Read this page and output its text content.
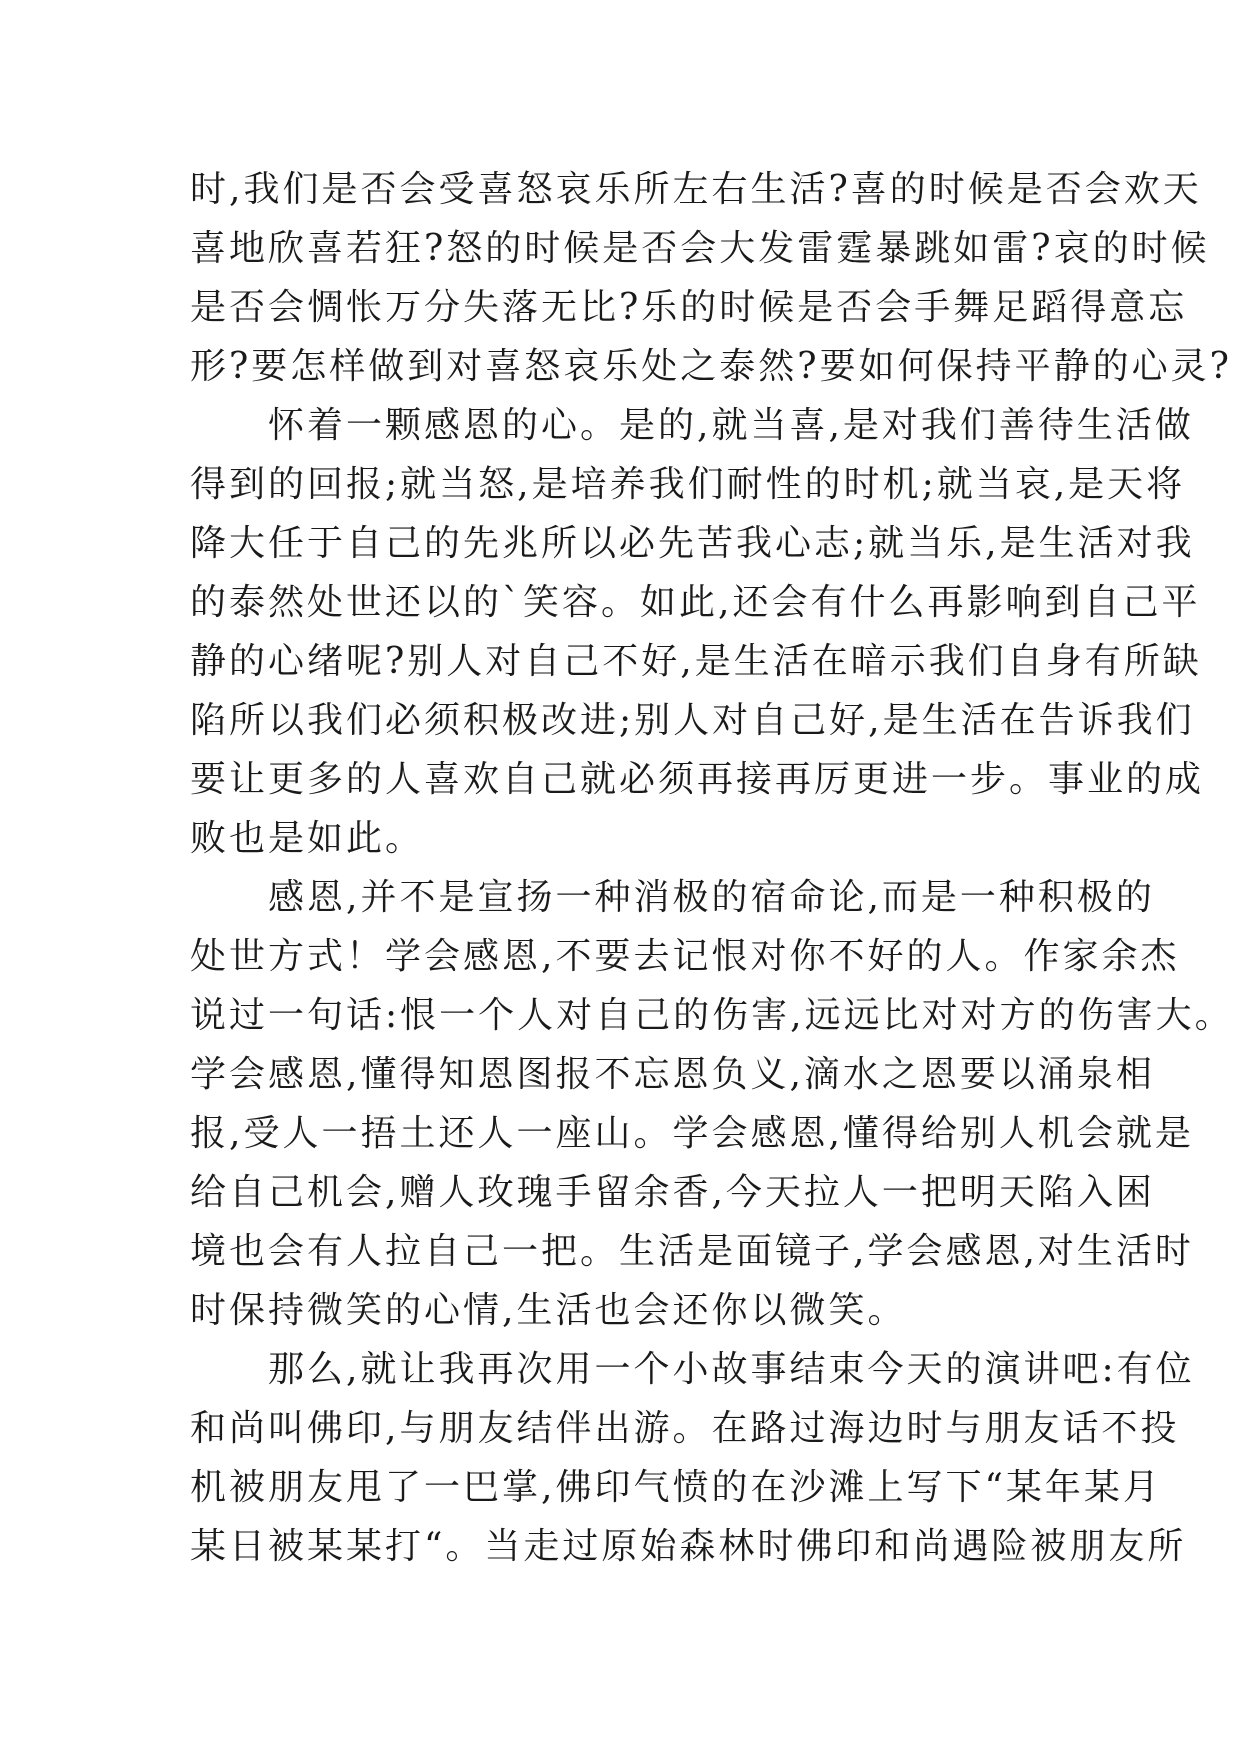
时,我们是否会受喜怒哀乐所左右生活?喜的时候是否会欢天
喜地欣喜若狂?怒的时候是否会大发雷霆暴跳如雷?哀的时候
是否会惆怅万分失落无比?乐的时候是否会手舞足蹈得意忘
形?要怎样做到对喜怒哀乐处之泰然?要如何保持平静的心灵?
　　怀着一颗感恩的心。是的,就当喜,是对我们善待生活做
得到的回报;就当怒,是培养我们耐性的时机;就当哀,是天将
降大任于自己的先兆所以必先苦我心志;就当乐,是生活对我
的泰然处世还以的`笑容。如此,还会有什么再影响到自己平
静的心绪呢?别人对自己不好,是生活在暗示我们自身有所缺
陷所以我们必须积极改进;别人对自己好,是生活在告诉我们
要让更多的人喜欢自己就必须再接再厉更进一步。事业的成
败也是如此。
　　感恩,并不是宣扬一种消极的宿命论,而是一种积极的
处世方式！学会感恩,不要去记恨对你不好的人。作家余杰
说过一句话:恨一个人对自己的伤害,远远比对对方的伤害大。
学会感恩,懂得知恩图报不忘恩负义,滴水之恩要以涌泉相
报,受人一捂土还人一座山。学会感恩,懂得给别人机会就是
给自己机会,赠人玫瑰手留余香,今天拉人一把明天陷入困
境也会有人拉自己一把。生活是面镜子,学会感恩,对生活时
时保持微笑的心情,生活也会还你以微笑。
　　那么,就让我再次用一个小故事结束今天的演讲吧:有位
和尚叫佛印,与朋友结伴出游。在路过海边时与朋友话不投
机被朋友甩了一巴掌,佛印气愤的在沙滩上写下“某年某月
某日被某某打“。当走过原始森林时佛印和尚遇险被朋友所
